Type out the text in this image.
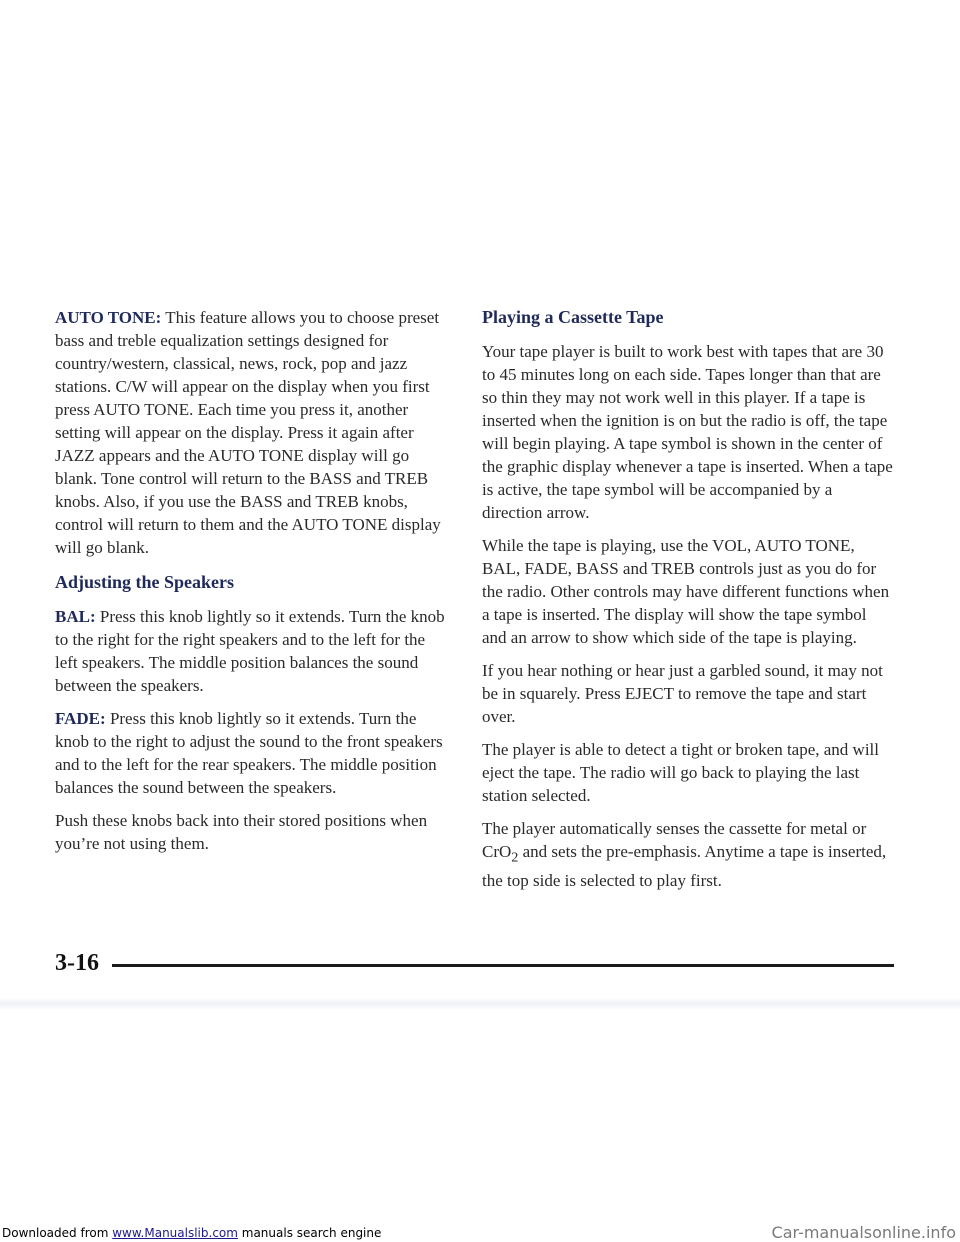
AUTO TONE: This feature allows you to choose preset bass and treble equalization settings designed for country/western, classical, news, rock, pop and jazz stations. C/W will appear on the display when you first press AUTO TONE. Each time you press it, another setting will appear on the display. Press it again after JAZZ appears and the AUTO TONE display will go blank. Tone control will return to the BASS and TREB knobs. Also, if you use the BASS and TREB knobs, control will return to them and the AUTO TONE display will go blank.

Adjusting the Speakers

BAL: Press this knob lightly so it extends. Turn the knob to the right for the right speakers and to the left for the left speakers. The middle position balances the sound between the speakers.

FADE: Press this knob lightly so it extends. Turn the knob to the right to adjust the sound to the front speakers and to the left for the rear speakers. The middle position balances the sound between the speakers.

Push these knobs back into their stored positions when you’re not using them.

Playing a Cassette Tape

Your tape player is built to work best with tapes that are 30 to 45 minutes long on each side. Tapes longer than that are so thin they may not work well in this player. If a tape is inserted when the ignition is on but the radio is off, the tape will begin playing. A tape symbol is shown in the center of the graphic display whenever a tape is inserted. When a tape is active, the tape symbol will be accompanied by a direction arrow.

While the tape is playing, use the VOL, AUTO TONE, BAL, FADE, BASS and TREB controls just as you do for the radio. Other controls may have different functions when a tape is inserted. The display will show the tape symbol and an arrow to show which side of the tape is playing.

If you hear nothing or hear just a garbled sound, it may not be in squarely. Press EJECT to remove the tape and start over.

The player is able to detect a tight or broken tape, and will eject the tape. The radio will go back to playing the last station selected.

The player automatically senses the cassette for metal or CrO$_2$ and sets the pre-emphasis. Anytime a tape is inserted, the top side is selected to play first.

3-16
Downloaded from www.Manualslib.com manuals search engine	Car-manualsonline.info
